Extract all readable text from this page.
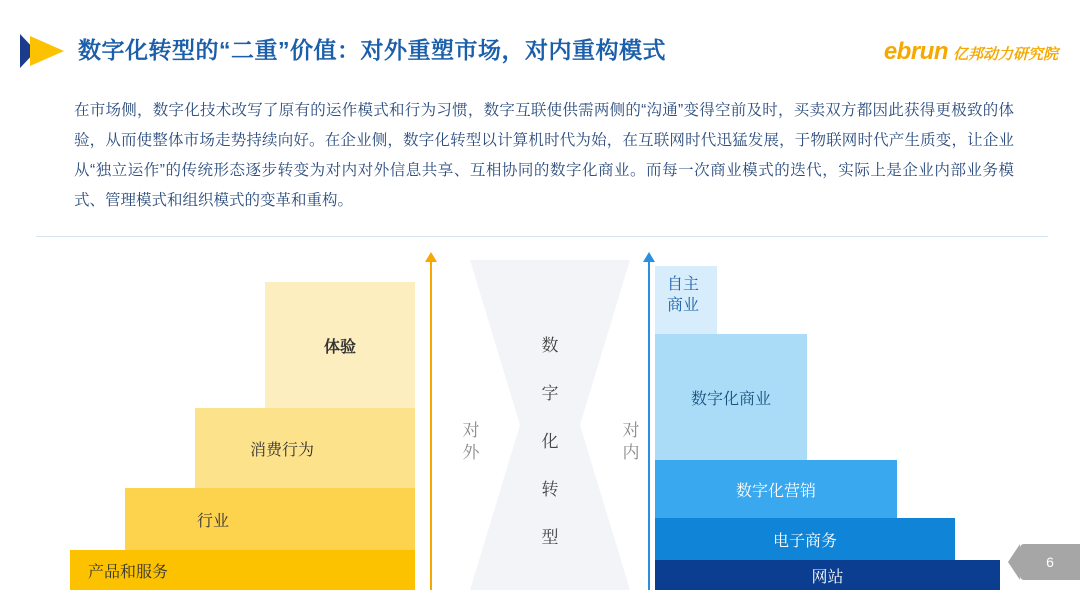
数字化转型的“二重”价值：对外重塑市场，对内重构模式	ebrun 亿邦动力研究院
在市场侧，数字化技术改写了原有的运作模式和行为习惯，数字互联使供需两侧的“沟通”变得空前及时，买卖双方都因此获得更极致的体验，从而使整体市场走势持续向好。在企业侧，数字化转型以计算机时代为始，在互联网时代迅猛发展，于物联网时代产生质变，让企业从“独立运作”的传统形态逐步转变为对内对外信息共享、互相协同的数字化商业。而每一次商业模式的迭代，实际上是企业内部业务模式、管理模式和组织模式的变革和重构。
产品和服务
行业
消费行为
体验
对
外
对
内
数
字
化
转
型
自主
商业
数字化商业
数字化营销
电子商务
网站
6
